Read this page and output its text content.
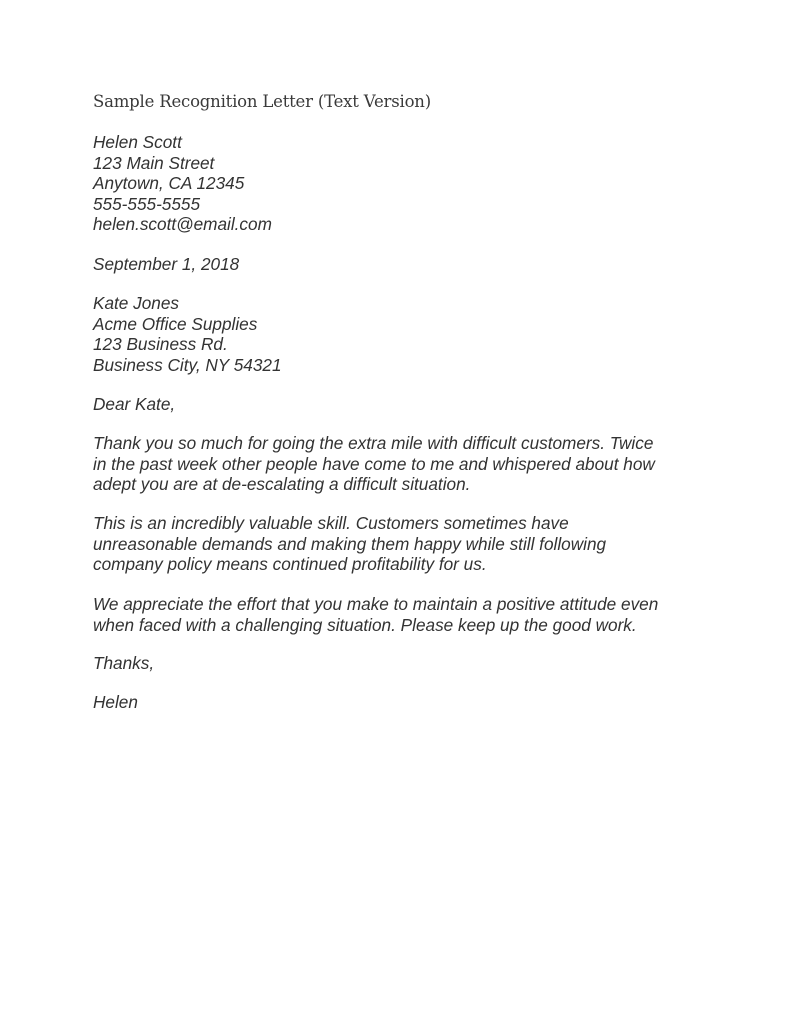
Sample Recognition Letter (Text Version)
Helen Scott
123 Main Street
Anytown, CA 12345
555-555-5555
helen.scott@email.com
September 1, 2018
Kate Jones
Acme Office Supplies
123 Business Rd.
Business City, NY 54321
Dear Kate,
Thank you so much for going the extra mile with difficult customers. Twice
in the past week other people have come to me and whispered about how
adept you are at de-escalating a difficult situation.
This is an incredibly valuable skill. Customers sometimes have
unreasonable demands and making them happy while still following
company policy means continued profitability for us.
We appreciate the effort that you make to maintain a positive attitude even
when faced with a challenging situation. Please keep up the good work.
Thanks,
Helen
